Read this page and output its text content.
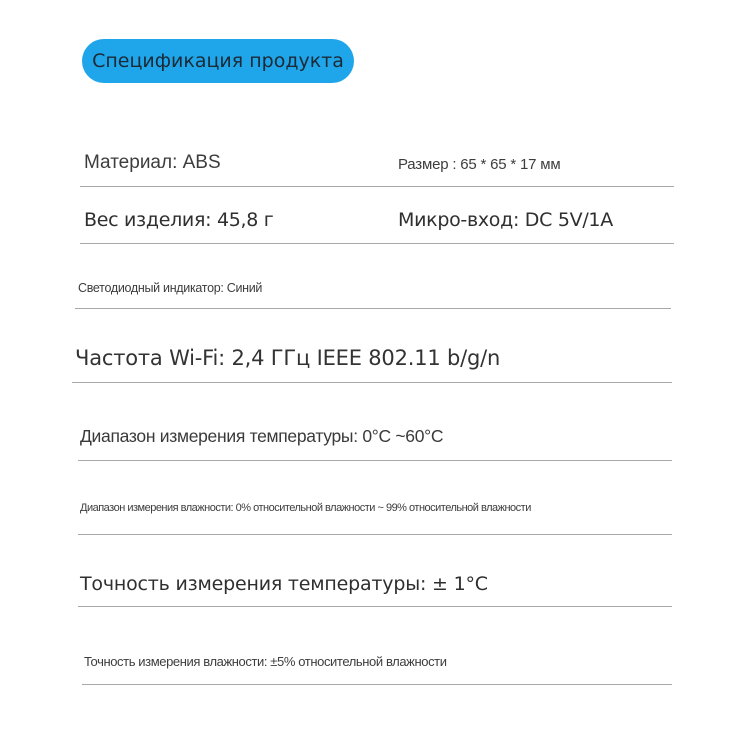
Спецификация продукта
Материал: ABS	Размер : 65 * 65 * 17 мм
Вес изделия: 45,8 г	Микро-вход: DC 5V/1A
Светодиодный индикатор: Синий
Частота Wi-Fi: 2,4 ГГц IEEE 802.11 b/g/n
Диапазон измерения температуры: 0°C ~60°C
Диапазон измерения влажности: 0% относительной влажности ~ 99% относительной влажности
Точность измерения температуры: ± 1°C
Точность измерения влажности: ±5% относительной влажности
